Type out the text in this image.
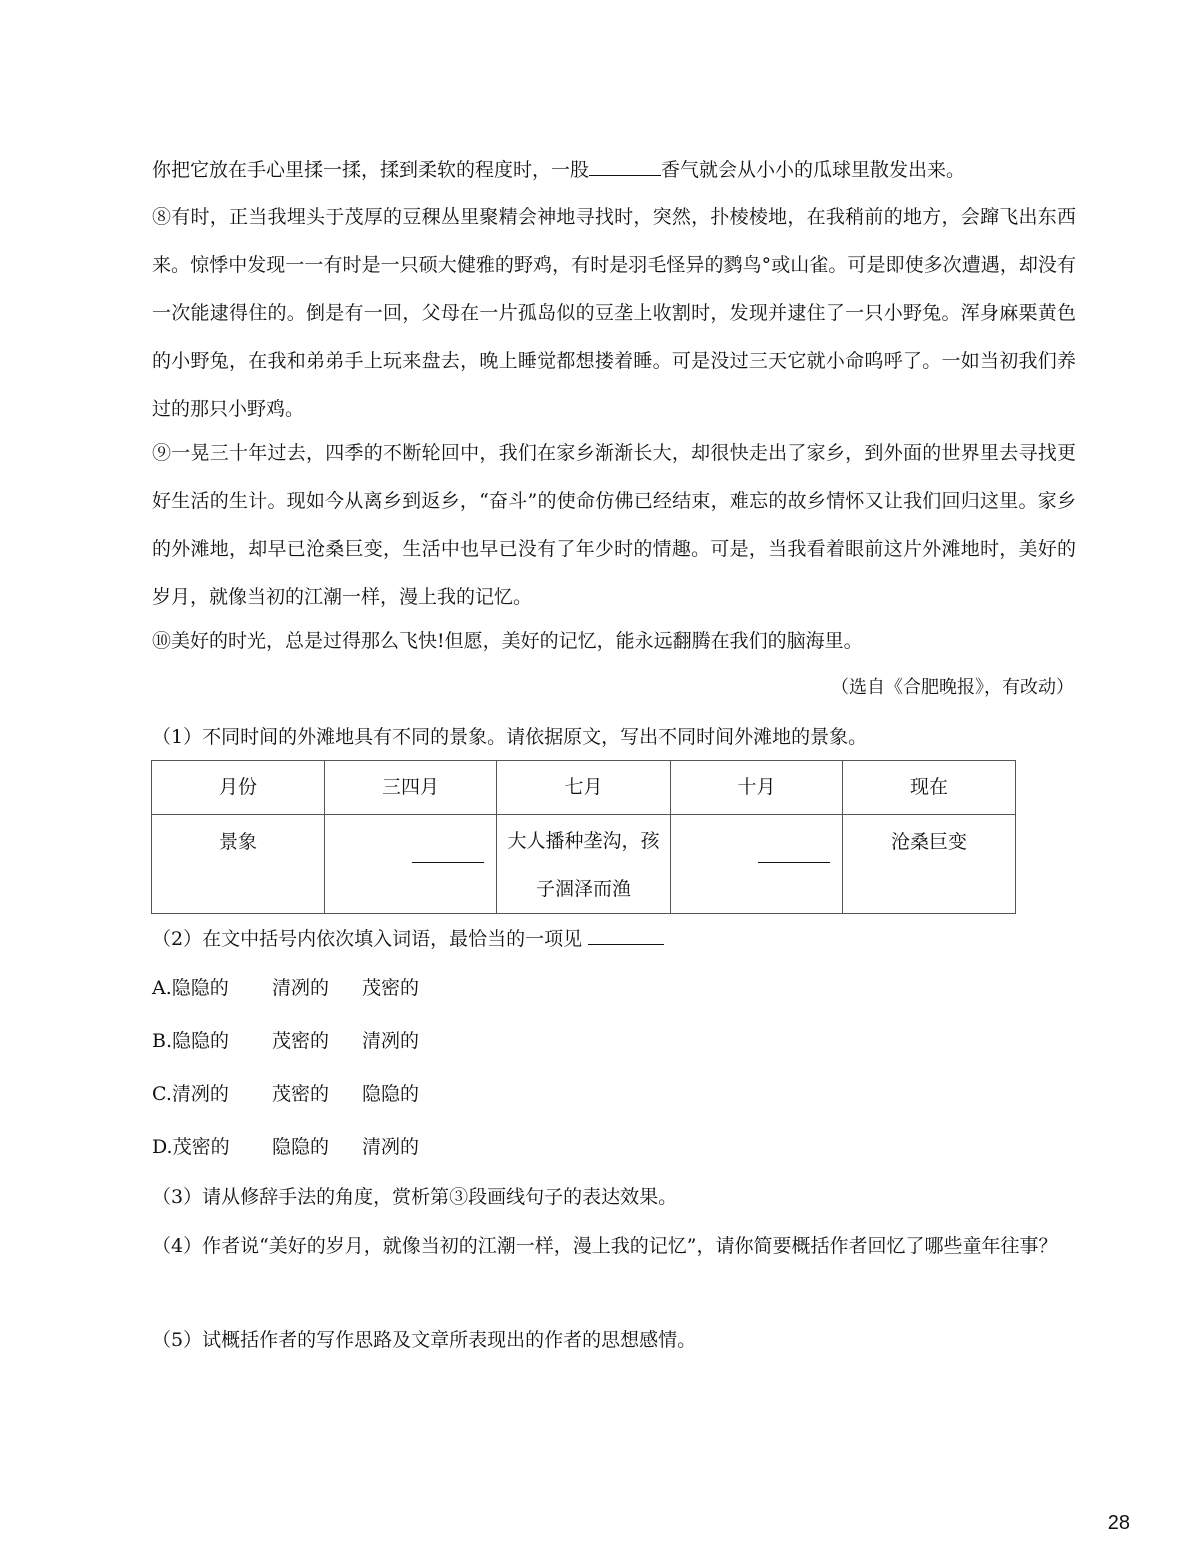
你把它放在手心里揉一揉，揉到柔软的程度时，一股	香气就会从小小的瓜球里散发出来。

⑧有时，正当我埋头于茂厚的豆稞丛里聚精会神地寻找时，突然，扑棱棱地，在我稍前的地方，会蹿飞出东西来。惊悸中发现一一有时是一只硕大健雅的野鸡，有时是羽毛怪异的鹨鸟°或山雀。可是即使多次遭遇，却没有一次能逮得住的。倒是有一回，父母在一片孤岛似的豆垄上收割时，发现并逮住了一只小野兔。浑身麻栗黄色的小野兔，在我和弟弟手上玩来盘去，晚上睡觉都想搂着睡。可是没过三天它就小命呜呼了。一如当初我们养过的那只小野鸡。

⑨一晃三十年过去，四季的不断轮回中，我们在家乡渐渐长大，却很快走出了家乡，到外面的世界里去寻找更好生活的生计。现如今从离乡到返乡，“奋斗”的使命仿佛已经结束，难忘的故乡情怀又让我们回归这里。家乡的外滩地，却早已沧桑巨变，生活中也早已没有了年少时的情趣。可是，当我看着眼前这片外滩地时，美好的岁月，就像当初的江潮一样，漫上我的记忆。

⑩美好的时光，总是过得那么飞快!但愿，美好的记忆，能永远翻腾在我们的脑海里。

（选自《合肥晚报》，有改动）

（1）不同时间的外滩地具有不同的景象。请依据原文，写出不同时间外滩地的景象。

月份	三四月	七月	十月	现在
景象		大人播种垄沟，孩子涸泽而渔		沧桑巨变

（2）在文中括号内依次填入词语，最恰当的一项见

A.隐隐的 清冽的 茂密的
B.隐隐的 茂密的 清冽的
C.清冽的 茂密的 隐隐的
D.茂密的 隐隐的 清冽的

（3）请从修辞手法的角度，赏析第③段画线句子的表达效果。

（4）作者说“美好的岁月，就像当初的江潮一样，漫上我的记忆”，请你简要概括作者回忆了哪些童年往事？

（5）试概括作者的写作思路及文章所表现出的作者的思想感情。

28
